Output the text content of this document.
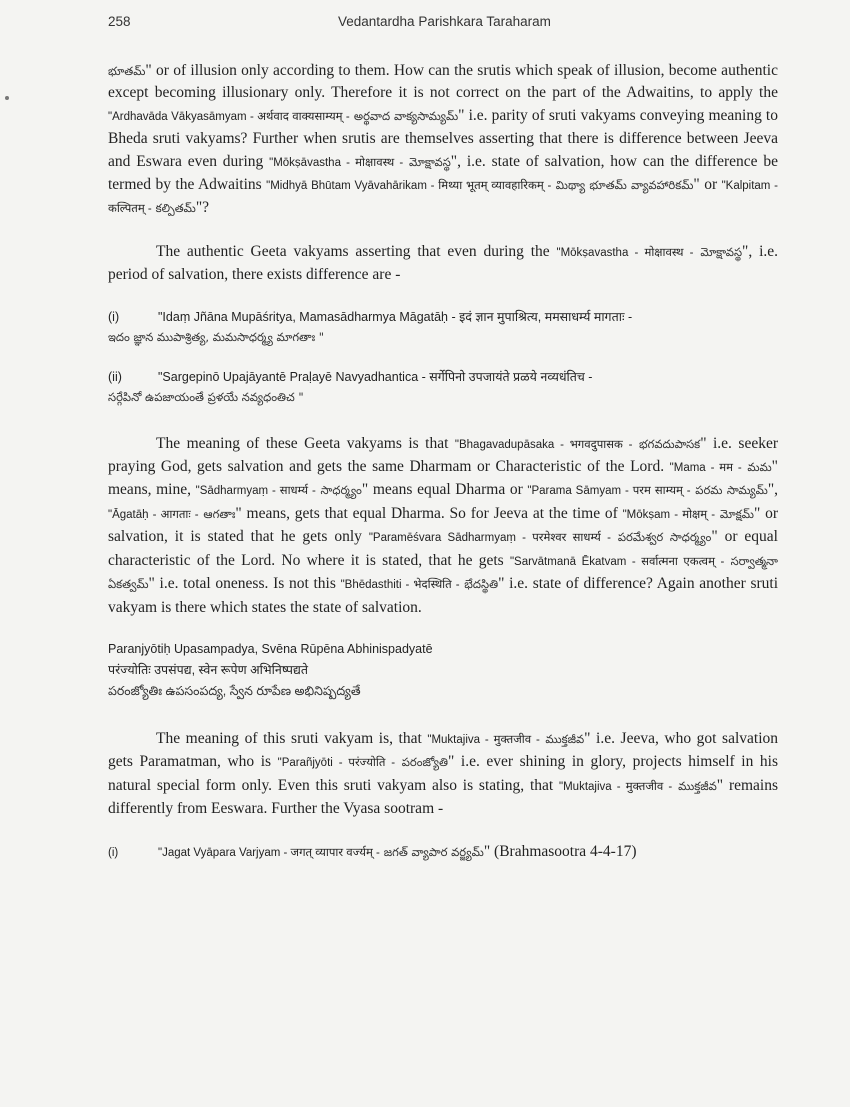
258	Vedantardha Parishkara Taraharam

భూతమ్" or of illusion only according to them. How can the srutis which speak of illusion, become authentic except becoming illusionary only. Therefore it is not correct on the part of the Adwaitins, to apply the "Ardhavāda Vākyasāmyam - अर्थवाद वाक्यसाम्यम् - అర్థవాద వాక్యసామ్యమ్" i.e. parity of sruti vakyams conveying meaning to Bheda sruti vakyams? Further when srutis are themselves asserting that there is difference between Jeeva and Eswara even during "Mōkṣāvastha - मोक्षावस्थ - మోక్షావస్థ", i.e. state of salvation, how can the difference be termed by the Adwaitins "Midhyā Bhūtam Vyāvahārikam - मिथ्या भूतम् व्यावहारिकम् - మిథ్యా భూతమ్ వ్యావహారికమ్" or "Kalpitam - कल्पितम् - కల్పితమ్"?

The authentic Geeta vakyams asserting that even during the "Mōkṣavastha - मोक्षावस्थ - మోక్షావస్థ", i.e. period of salvation, there exists difference are -

(i)	"Idaṃ Jñāna Mupāśritya, Mamasādharmya Māgatāḥ - इदं ज्ञान मुपाश्रित्य, ममसाधर्म्य मागताः -
ఇదం జ్ఞాన ముపాశ్రిత్య, మమసాధర్మ్య మాగతాః "
(ii)	"Sargepinō Upajāyantē Praḷayē Navyadhantica - सर्गेपिनो उपजायंते प्रळये नव्यधंतिच -
సర్గేపినో ఉపజాయంతే ప్రళయే నవ్యధంతిచ "

The meaning of these Geeta vakyams is that "Bhagavadupāsaka - भगवदुपासक - భగవదుపాసక" i.e. seeker praying God, gets salvation and gets the same Dharmam or Characteristic of the Lord. "Mama - मम - మమ" means, mine, "Sādharmyaṃ - साधर्म्य - సాధర్మ్యం" means equal Dharma or "Parama Sāmyam - परम साम्यम् - పరమ సామ్యమ్", "Āgatāḥ - आगताः - ఆగతాః" means, gets that equal Dharma. So for Jeeva at the time of "Mōkṣam - मोक्षम् - మోక్షమ్" or salvation, it is stated that he gets only "Paramēśvara Sādharmyaṃ - परमेश्वर साधर्म्य - పరమేశ్వర సాధర్మ్యం" or equal characteristic of the Lord. No where it is stated, that he gets "Sarvātmanā Ēkatvam - सर्वात्मना एकत्वम् - సర్వాత్మనా ఏకత్వమ్" i.e. total oneness. Is not this "Bhēdasthiti - भेदस्थिति - భేదస్థితి" i.e. state of difference? Again another sruti vakyam is there which states the state of salvation.

Paranjyōtiḥ Upasampadya, Svēna Rūpēna Abhinispadyatē
परंज्योतिः उपसंपद्य, स्वेन रूपेण अभिनिष्पद्यते
పరంజ్యోతిః ఉపసంపద్య, స్వేన రూపేణ అభినిష్పద్యతే

The meaning of this sruti vakyam is, that "Muktajiva - मुक्तजीव - ముక్తజీవ" i.e. Jeeva, who got salvation gets Paramatman, who is "Parañjyōti - परंज्योति - పరంజ్యోతి" i.e. ever shining in glory, projects himself in his natural special form only. Even this sruti vakyam also is stating, that "Muktajiva - मुक्तजीव - ముక్తజీవ" remains differently from Eeswara. Further the Vyasa sootram -

(i)	"Jagat Vyāpara Varjyam - जगत् व्यापार वर्ज्यम् - జగత్ వ్యాపార వర్జ్యమ్" (Brahmasootra 4-4-17)
